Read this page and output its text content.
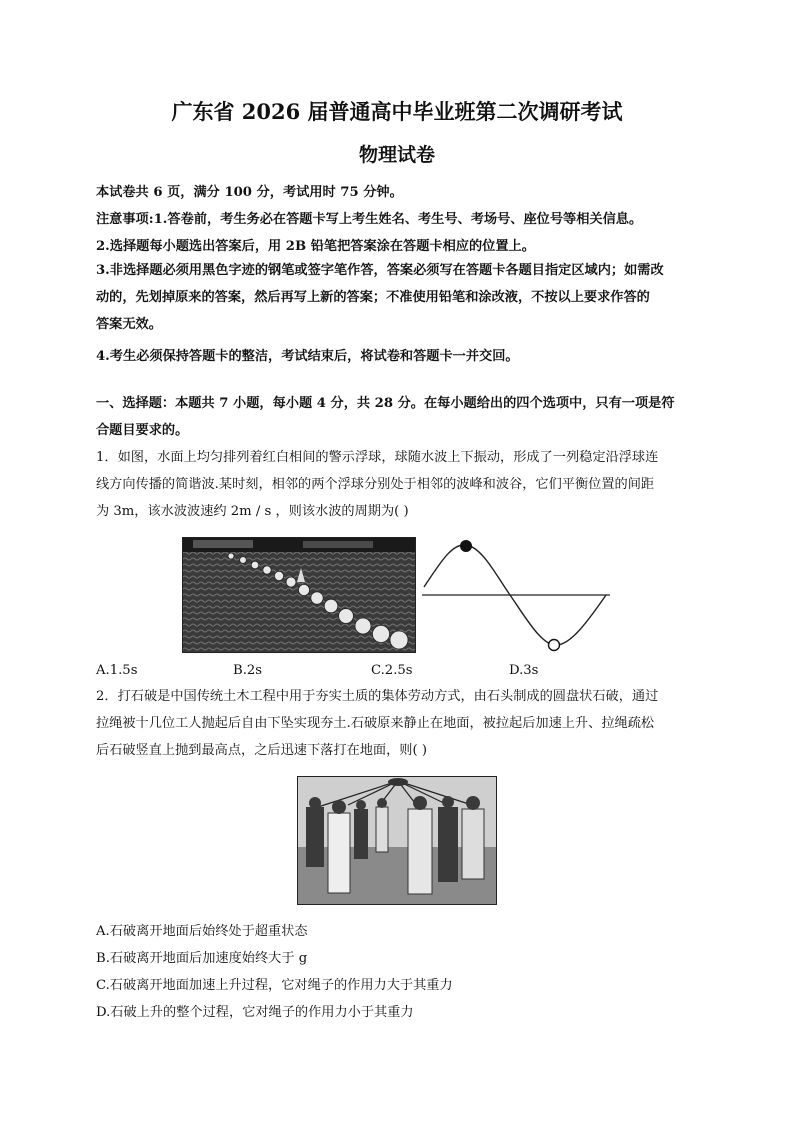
广东省 2026 届普通高中毕业班第二次调研考试
物理试卷
本试卷共 6 页，满分 100 分，考试用时 75 分钟。
注意事项:1.答卷前，考生务必在答题卡写上考生姓名、考生号、考场号、座位号等相关信息。
2.选择题每小题选出答案后，用 2B 铅笔把答案涂在答题卡相应的位置上。
3.非选择题必须用黑色字迹的钢笔或签字笔作答，答案必须写在答题卡各题目指定区域内；如需改
动的，先划掉原来的答案，然后再写上新的答案；不准使用铅笔和涂改液，不按以上要求作答的
答案无效。
4.考生必须保持答题卡的整洁，考试结束后，将试卷和答题卡一并交回。
一、选择题：本题共 7 小题，每小题 4 分，共 28 分。在每小题给出的四个选项中，只有一项是符
合题目要求的。
1．如图，水面上均匀排列着红白相间的警示浮球，球随水波上下振动，形成了一列稳定沿浮球连
线方向传播的简谐波.某时刻，相邻的两个浮球分别处于相邻的波峰和波谷，它们平衡位置的间距
为 3m，该水波波速约 2m / s ，则该水波的周期为( )
A.1.5s	B.2s	C.2.5s	D.3s
2．打石破是中国传统土木工程中用于夯实土质的集体劳动方式，由石头制成的圆盘状石破，通过
拉绳被十几位工人抛起后自由下坠实现夯土.石破原来静止在地面，被拉起后加速上升、拉绳疏松
后石破竖直上抛到最高点，之后迅速下落打在地面，则( )
A.石破离开地面后始终处于超重状态
B.石破离开地面后加速度始终大于 g
C.石破离开地面加速上升过程，它对绳子的作用力大于其重力
D.石破上升的整个过程，它对绳子的作用力小于其重力
